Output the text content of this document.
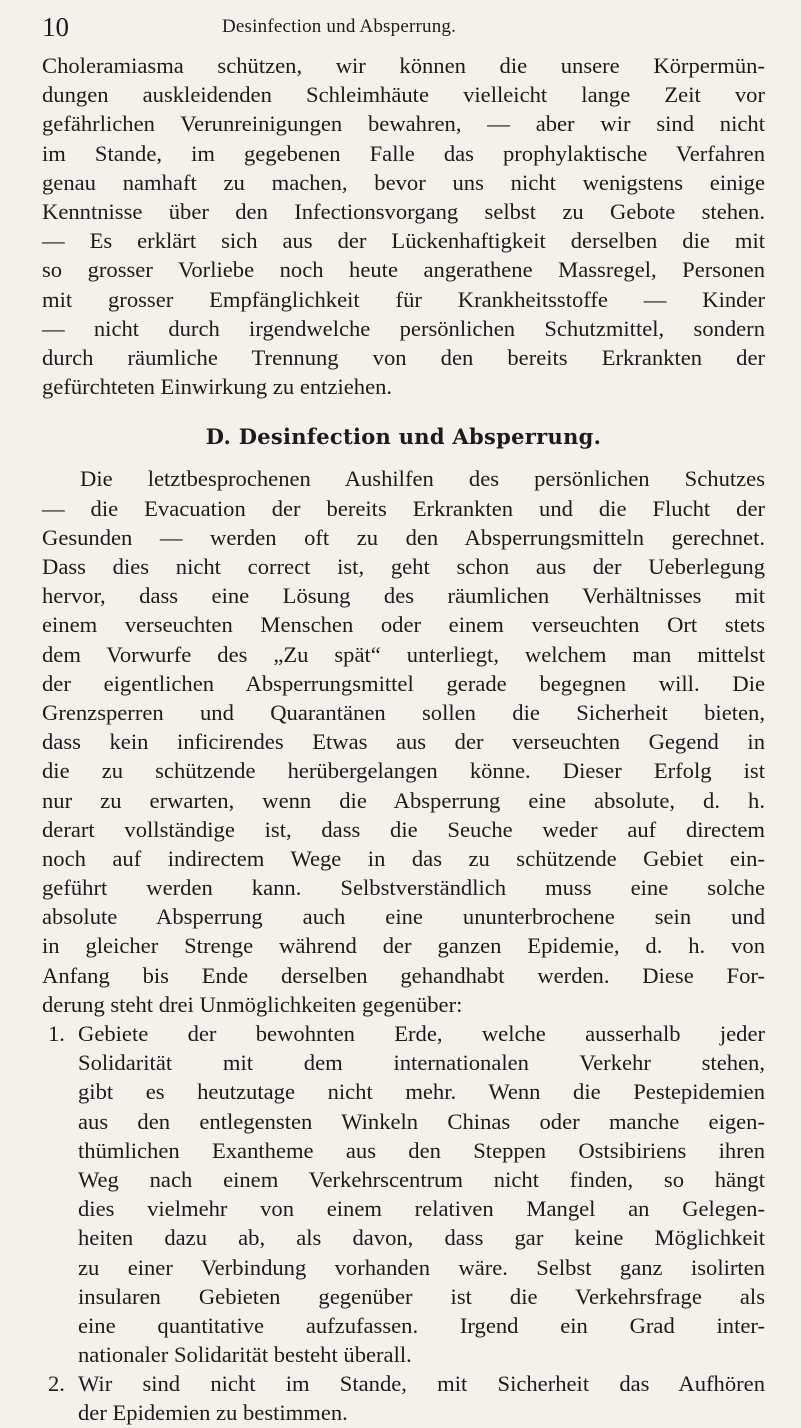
10	Desinfection und Absperrung.
Choleramiasma schützen, wir können die unsere Körpermün-
dungen auskleidenden Schleimhäute vielleicht lange Zeit vor
gefährlichen Verunreinigungen bewahren, — aber wir sind nicht
im Stande, im gegebenen Falle das prophylaktische Verfahren
genau namhaft zu machen, bevor uns nicht wenigstens einige
Kenntnisse über den Infectionsvorgang selbst zu Gebote stehen.
— Es erklärt sich aus der Lückenhaftigkeit derselben die mit
so grosser Vorliebe noch heute angerathene Massregel, Personen
mit grosser Empfänglichkeit für Krankheitsstoffe — Kinder
— nicht durch irgendwelche persönlichen Schutzmittel, sondern
durch räumliche Trennung von den bereits Erkrankten der
gefürchteten Einwirkung zu entziehen.
D. Desinfection und Absperrung.
Die letztbesprochenen Aushilfen des persönlichen Schutzes
— die Evacuation der bereits Erkrankten und die Flucht der
Gesunden — werden oft zu den Absperrungsmitteln gerechnet.
Dass dies nicht correct ist, geht schon aus der Ueberlegung
hervor, dass eine Lösung des räumlichen Verhältnisses mit
einem verseuchten Menschen oder einem verseuchten Ort stets
dem Vorwurfe des „Zu spät“ unterliegt, welchem man mittelst
der eigentlichen Absperrungsmittel gerade begegnen will. Die
Grenzsperren und Quarantänen sollen die Sicherheit bieten,
dass kein inficirendes Etwas aus der verseuchten Gegend in
die zu schützende herübergelangen könne. Dieser Erfolg ist
nur zu erwarten, wenn die Absperrung eine absolute, d. h.
derart vollständige ist, dass die Seuche weder auf directem
noch auf indirectem Wege in das zu schützende Gebiet ein-
geführt werden kann. Selbstverständlich muss eine solche
absolute Absperrung auch eine ununterbrochene sein und
in gleicher Strenge während der ganzen Epidemie, d. h. von
Anfang bis Ende derselben gehandhabt werden. Diese For-
derung steht drei Unmöglichkeiten gegenüber:
1. Gebiete der bewohnten Erde, welche ausserhalb jeder
Solidarität mit dem internationalen Verkehr stehen,
gibt es heutzutage nicht mehr. Wenn die Pestepidemien
aus den entlegensten Winkeln Chinas oder manche eigen-
thümlichen Exantheme aus den Steppen Ostsibiriens ihren
Weg nach einem Verkehrscentrum nicht finden, so hängt
dies vielmehr von einem relativen Mangel an Gelegen-
heiten dazu ab, als davon, dass gar keine Möglichkeit
zu einer Verbindung vorhanden wäre. Selbst ganz isolirten
insularen Gebieten gegenüber ist die Verkehrsfrage als
eine quantitative aufzufassen. Irgend ein Grad inter-
nationaler Solidarität besteht überall.
2. Wir sind nicht im Stande, mit Sicherheit das Aufhören
der Epidemien zu bestimmen.
